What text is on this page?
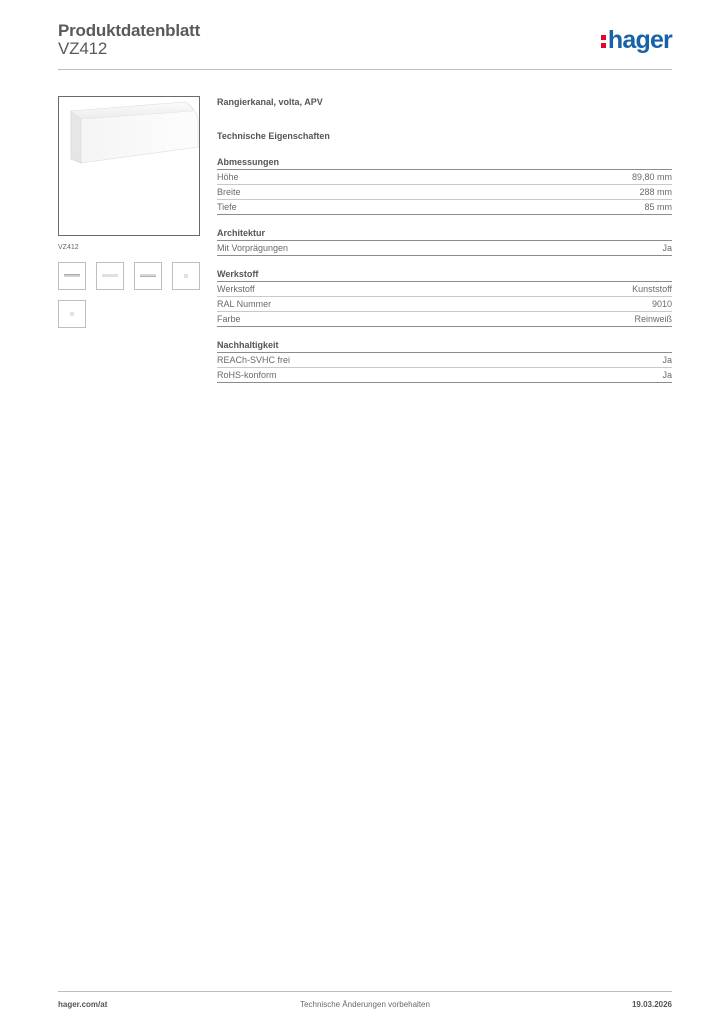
Produktdatenblatt
VZ412	hager
VZ412
Rangierkanal, volta, APV
Technische Eigenschaften
Abmessungen
Höhe	89,80 mm
Breite	288 mm
Tiefe	85 mm
Architektur
Mit Vorprägungen	Ja
Werkstoff
Werkstoff	Kunststoff
RAL Nummer	9010
Farbe	Reinweiß
Nachhaltigkeit
REACh-SVHC frei	Ja
RoHS-konform	Ja
hager.com/at	Technische Änderungen vorbehalten	19.03.2026
